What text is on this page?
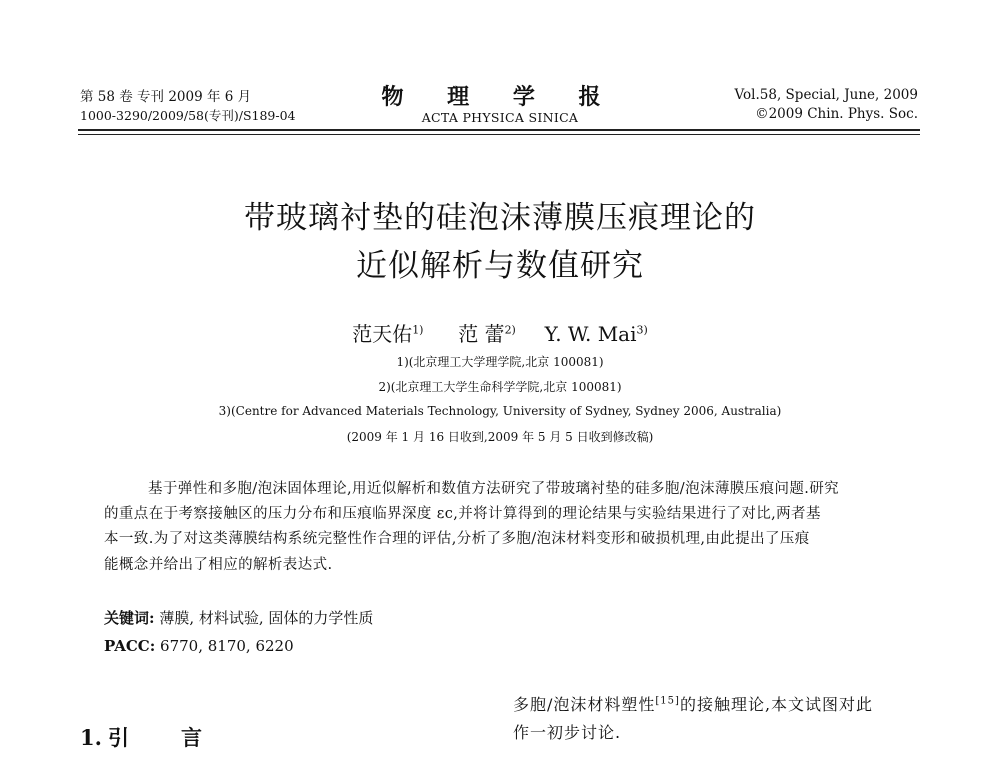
第 58 卷 专刊 2009 年 6 月
1000-3290/2009/58(专刊)/S189-04
物 理 学 报
ACTA PHYSICA SINICA
Vol.58, Special, June, 2009
©2009 Chin. Phys. Soc.
带玻璃衬垫的硅泡沫薄膜压痕理论的
近似解析与数值研究
范天佑$^{1)}$ 范 蕾$^{2)}$ Y. W. Mai$^{3)}$
1)(北京理工大学理学院,北京 100081)
2)(北京理工大学生命科学学院,北京 100081)
3)(Centre for Advanced Materials Technology, University of Sydney, Sydney 2006, Australia)
(2009 年 1 月 16 日收到,2009 年 5 月 5 日收到修改稿)
基于弹性和多胞/泡沫固体理论,用近似解析和数值方法研究了带玻璃衬垫的硅多胞/泡沫薄膜压痕问题.研究
的重点在于考察接触区的压力分布和压痕临界深度 εc,并将计算得到的理论结果与实验结果进行了对比,两者基
本一致.为了对这类薄膜结构系统完整性作合理的评估,分析了多胞/泡沫材料变形和破损机理,由此提出了压痕
能概念并给出了相应的解析表达式.
关键词: 薄膜, 材料试验, 固体的力学性质
PACC: 6770, 8170, 6220
多胞/泡沫材料塑性[15]的接触理论,本文试图对此
作一初步讨论.
1. 引 言
